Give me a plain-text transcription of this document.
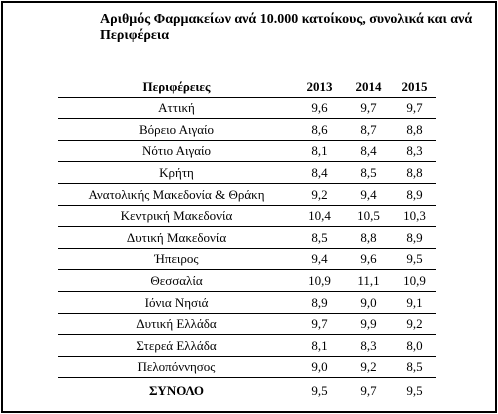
Αριθμός Φαρμακείων ανά 10.000 κατοίκους, συνολικά και ανά Περιφέρεια
Περιφέρειες	2013	2014	2015
Αττική	9,6	9,7	9,7
Βόρειο Αιγαίο	8,6	8,7	8,8
Νότιο Αιγαίο	8,1	8,4	8,3
Κρήτη	8,4	8,5	8,8
Ανατολικής Μακεδονία & Θράκη	9,2	9,4	8,9
Κεντρική Μακεδονία	10,4	10,5	10,3
Δυτική Μακεδονία	8,5	8,8	8,9
Ήπειρος	9,4	9,6	9,5
Θεσσαλία	10,9	11,1	10,9
Ιόνια Νησιά	8,9	9,0	9,1
Δυτική Ελλάδα	9,7	9,9	9,2
Στερεά Ελλάδα	8,1	8,3	8,0
Πελοπόννησος	9,0	9,2	8,5
ΣΥΝΟΛΟ	9,5	9,7	9,5
